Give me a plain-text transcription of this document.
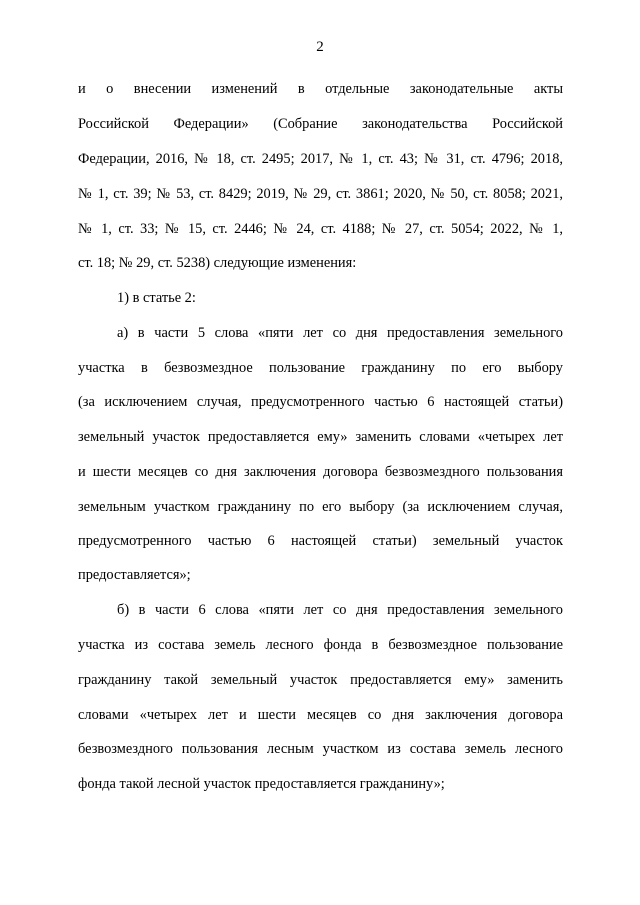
2
и о внесении изменений в отдельные законодательные акты
Российской Федерации» (Собрание законодательства Российской
Федерации, 2016, № 18, ст. 2495; 2017, № 1, ст. 43; № 31, ст. 4796; 2018,
№ 1, ст. 39; № 53, ст. 8429; 2019, № 29, ст. 3861; 2020, № 50, ст. 8058; 2021,
№ 1, ст. 33; № 15, ст. 2446; № 24, ст. 4188; № 27, ст. 5054; 2022, № 1,
ст. 18; № 29, ст. 5238) следующие изменения:
1) в статье 2:
а) в части 5 слова «пяти лет со дня предоставления земельного
участка в безвозмездное пользование гражданину по его выбору
(за исключением случая, предусмотренного частью 6 настоящей статьи)
земельный участок предоставляется ему» заменить словами «четырех лет
и шести месяцев со дня заключения договора безвозмездного пользования
земельным участком гражданину по его выбору (за исключением случая,
предусмотренного частью 6 настоящей статьи) земельный участок
предоставляется»;
б) в части 6 слова «пяти лет со дня предоставления земельного
участка из состава земель лесного фонда в безвозмездное пользование
гражданину такой земельный участок предоставляется ему» заменить
словами «четырех лет и шести месяцев со дня заключения договора
безвозмездного пользования лесным участком из состава земель лесного
фонда такой лесной участок предоставляется гражданину»;
